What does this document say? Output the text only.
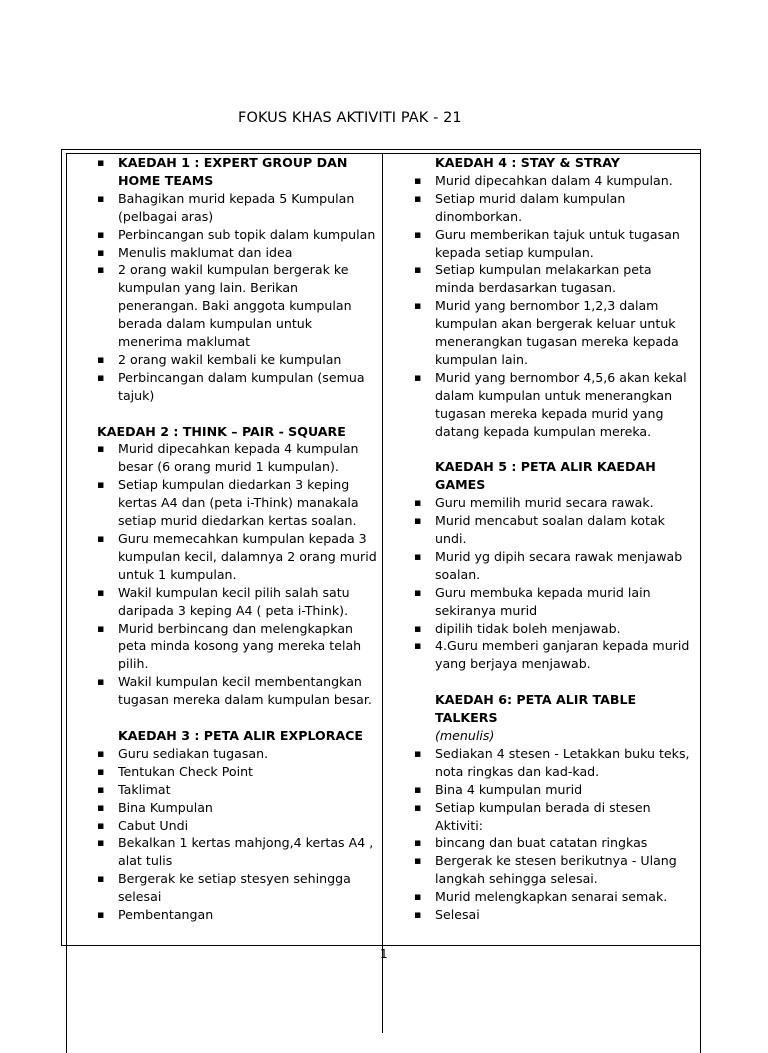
FOKUS KHAS AKTIVITI PAK - 21
▪ KAEDAH 1 : EXPERT GROUP DAN HOME TEAMS
▪ Bahagikan murid kepada 5 Kumpulan (pelbagai aras)
▪ Perbincangan sub topik dalam kumpulan
▪ Menulis maklumat dan idea
▪ 2 orang wakil kumpulan bergerak ke kumpulan yang lain. Berikan penerangan. Baki anggota kumpulan berada dalam kumpulan untuk menerima maklumat
▪ 2 orang wakil kembali ke kumpulan
▪ Perbincangan dalam kumpulan (semua tajuk)
KAEDAH 2 : THINK – PAIR - SQUARE
▪ Murid dipecahkan kepada 4 kumpulan besar (6 orang murid 1 kumpulan).
▪ Setiap kumpulan diedarkan 3 keping kertas A4 dan (peta i-Think) manakala setiap murid diedarkan kertas soalan.
▪ Guru memecahkan kumpulan kepada 3 kumpulan kecil, dalamnya 2 orang murid untuk 1 kumpulan.
▪ Wakil kumpulan kecil pilih salah satu daripada 3 keping A4 ( peta i-Think).
▪ Murid berbincang dan melengkapkan peta minda kosong yang mereka telah pilih.
▪ Wakil kumpulan kecil membentangkan tugasan mereka dalam kumpulan besar.
KAEDAH 3 : PETA ALIR EXPLORACE
▪ Guru sediakan tugasan.
▪ Tentukan Check Point
▪ Taklimat
▪ Bina Kumpulan
▪ Cabut Undi
▪ Bekalkan 1 kertas mahjong,4 kertas A4 , alat tulis
▪ Bergerak ke setiap stesyen sehingga selesai
▪ Pembentangan
KAEDAH 4 : STAY & STRAY
▪ Murid dipecahkan dalam 4 kumpulan.
▪ Setiap murid dalam kumpulan dinomborkan.
▪ Guru memberikan tajuk untuk tugasan kepada setiap kumpulan.
▪ Setiap kumpulan melakarkan peta minda berdasarkan tugasan.
▪ Murid yang bernombor 1,2,3 dalam kumpulan akan bergerak keluar untuk menerangkan tugasan mereka kepada kumpulan lain.
▪ Murid yang bernombor 4,5,6 akan kekal dalam kumpulan untuk menerangkan tugasan mereka kepada murid yang datang kepada kumpulan mereka.
KAEDAH 5 : PETA ALIR KAEDAH GAMES
▪ Guru memilih murid secara rawak.
▪ Murid mencabut soalan dalam kotak undi.
▪ Murid yg dipih secara rawak menjawab soalan.
▪ Guru membuka kepada murid lain sekiranya murid
▪ dipilih tidak boleh menjawab.
▪ 4.Guru memberi ganjaran kepada murid yang berjaya menjawab.
KAEDAH 6: PETA ALIR TABLE TALKERS
(menulis)
▪ Sediakan 4 stesen - Letakkan buku teks, nota ringkas dan kad-kad.
▪ Bina 4 kumpulan murid
▪ Setiap kumpulan berada di stesen Aktiviti:
▪ bincang dan buat catatan ringkas
▪ Bergerak ke stesen berikutnya - Ulang langkah sehingga selesai.
▪ Murid melengkapkan senarai semak.
▪ Selesai
1
